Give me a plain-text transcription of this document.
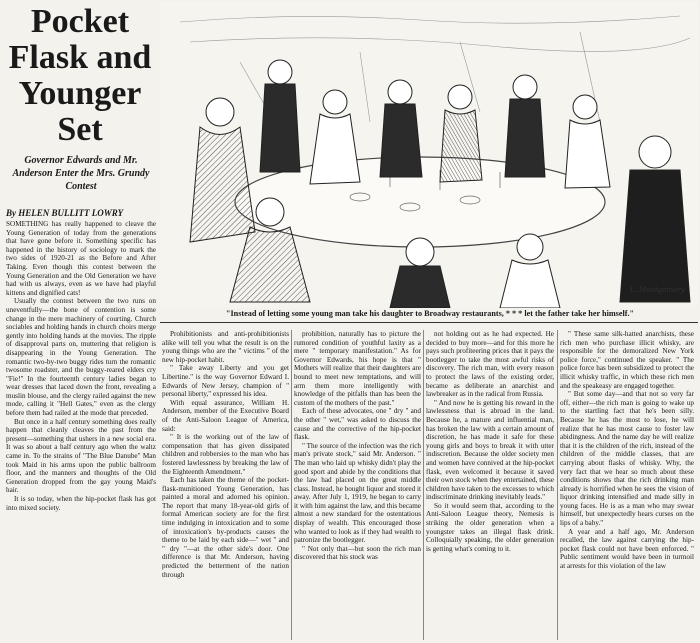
Pocket
Flask and
Younger
Set
Governor Edwards and Mr. Anderson Enter the Mrs. Grundy Contest
By HELEN BULLITT LOWRY

SOMETHING has really happened to cleave the Young Generation of today from the generations that have gone before it. Something specific has happened in the history of sociology to mark the two sides of 1920-21 as the Before and After Taking. Even though this contest between the Young Generation and the Old Generation we have had with us always, even as we have had playful kittens and dignified cats!

Usually the contest between the two runs on uneventfully—the bone of contention is some change in the mere machinery of courting. Church sociables and holding hands in church choirs merge gently into holding hands at the movies. The ripple of disapproval parts on, muttering that religion is disappearing in the Young Generation. The romantic two-by-two buggy rides turn the romantic twosome roadster, and the buggy-reared elders cry "Fie!" In the fourteenth century ladies began to wear dresses that laced down the front, revealing a muslin blouse, and the clergy railed against the new mode, calling it "Hell Gates," even as the clergy before them had railed at the mode that preceded.

But once in a half century something does really happen that cleanly cleaves the past from the present—something that ushers in a new social era. It was so about a half century ago when the waltz came in. To the strains of "The Blue Danube" Man took Maid in his arms upon the public ballroom floor, and the manners and thoughts of the Old Generation dropped from the gay young Maid's hair.

It is so today, when the hip-pocket flask has got into mixed society.

L. Montgomery
"Instead of letting some young man take his daughter to Broadway restaurants, * * * let the father take her himself."

Prohibitionists and anti-prohibitionists alike will tell you what the result is on the young things who are the " victims " of the new hip-pocket habit.

" Take away Liberty and you get Libertine." is the way Governor Edward I. Edwards of New Jersey, champion of " personal liberty," expressed his idea.

With equal assurance, William H. Anderson, member of the Executive Board of the Anti-Saloon League of America, said:

" It is the working out of the law of compensation that has given dissipated children and robbersies to the man who has fostered lawlessness by breaking the law of the Eighteenth Amendment."

Each has taken the theme of the pocket-flask-munitioned Young Generation, has painted a moral and adorned his opinion. The report that many 18-year-old girls of formal American society are for the first time indulging in intoxication and to some of intoxication's by-products causes the theme to be laid by each side—" wet " and " dry "—at the other side's door. One difference is that Mr. Anderson, having predicted the betterment of the nation through

prohibition, naturally has to picture the rumored condition of youthful laxity as a mere " temporary manifestation." As for Governor Edwards, his hope is that " Mothers will realize that their daughters are bound to meet new temptations, and will arm them more intelligently with knowledge of the pitfalls than has been the custom of the mothers of the past."

Each of these advocates, one " dry " and the other " wet," was asked to discuss the cause and the corrective of the hip-pocket flask.

" The source of the infection was the rich man's private stock," said Mr. Anderson. " The man who laid up whisky didn't play the good sport and abide by the conditions that the law had placed on the great middle class. Instead, he bought liquor and stored it away. After July 1, 1919, he began to carry it with him against the law, and this became almost a new standard for the ostentatious display of wealth. This encouraged those who wanted to look as if they had wealth to patronize the bootlegger.

" Not only that—but soon the rich man discovered that his stock was

not holding out as he had expected. He decided to buy more—and for this more he pays such profiteering prices that it pays the bootlegger to take the most awful risks of discovery. The rich man, with every reason to protect the laws of the existing order, became as deliberate an anarchist and lawbreaker as in the radical from Russia.

" And now he is getting his reward in the lawlessness that is abroad in the land. Because he, a mature and influential man, has broken the law with a certain amount of discretion, he has made it safe for these young girls and boys to break it with utter indiscretion. Because the older society men and women have connived at the hip-pocket flask, even welcomed it because it saved their own stock when they entertained, these children have taken to the excesses to which indiscriminate drinking inevitably leads."

So it would seem that, according to the Anti-Saloon League theory, Nemesis is striking the older generation when a youngster takes an illegal flask drink. Colloquially speaking, the older generation is getting what's coming to it.

" These same silk-hatted anarchists, these rich men who purchase illicit whisky, are responsible for the demoralized New York police force," continued the speaker. " The police force has been subsidized to protect the illicit whisky traffic, in which these rich men and the speakeasy are engaged together.

" But some day—and that not so very far off, either—the rich man is going to wake up to the startling fact that he's been silly. Because he has the most to lose, he will realize that he has most cause to foster law abidingness. And the name day he will realize that it is the children of the rich, instead of the children of the middle classes, that are carrying about flasks of whisky. Why, the very fact that we hear so much about these conditions shows that the rich drinking man already is horrified when he sees the vision of liquor drinking intensified and made silly in young faces. He is as a man who may swear himself, but unexpectedly hears curses on the lips of a baby."

A year and a half ago, Mr. Anderson recalled, the law against carrying the hip-pocket flask could not have been enforced. " Public sentiment would have been in turmoil at arrests for this violation of the law
